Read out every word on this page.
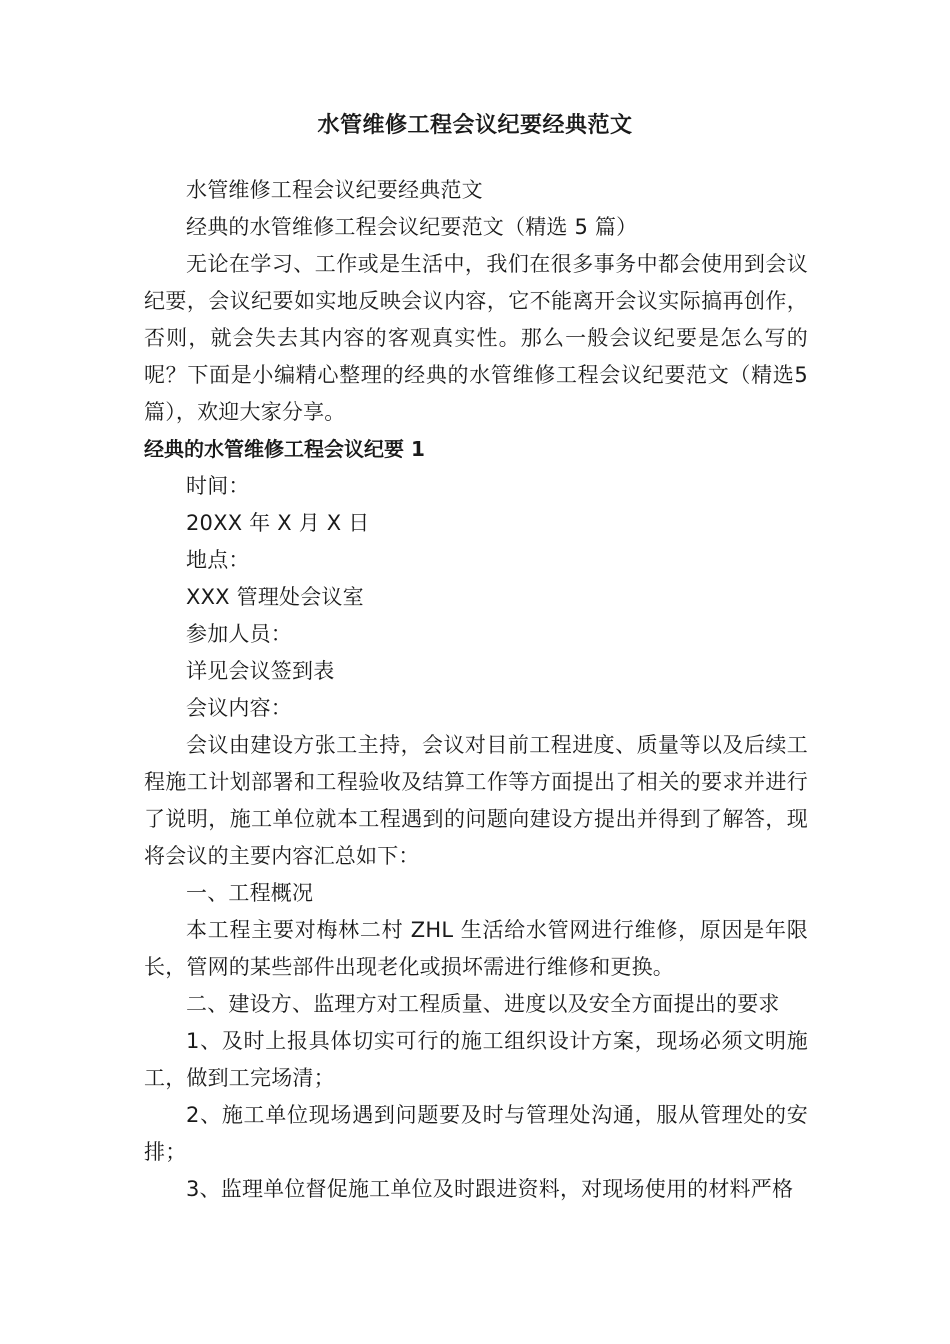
水管维修工程会议纪要经典范文

水管维修工程会议纪要经典范文

经典的水管维修工程会议纪要范文（精选 5 篇）

无论在学习、工作或是生活中，我们在很多事务中都会使用到会议纪要，会议纪要如实地反映会议内容，它不能离开会议实际搞再创作，否则，就会失去其内容的客观真实性。那么一般会议纪要是怎么写的呢？下面是小编精心整理的经典的水管维修工程会议纪要范文（精选5 篇），欢迎大家分享。

经典的水管维修工程会议纪要 1

时间：

20XX 年 X 月 X 日

地点：

XXX 管理处会议室

参加人员：

详见会议签到表

会议内容：

会议由建设方张工主持，会议对目前工程进度、质量等以及后续工程施工计划部署和工程验收及结算工作等方面提出了相关的要求并进行了说明，施工单位就本工程遇到的问题向建设方提出并得到了解答，现将会议的主要内容汇总如下：

一、工程概况

本工程主要对梅林二村 ZHL 生活给水管网进行维修，原因是年限长，管网的某些部件出现老化或损坏需进行维修和更换。

二、建设方、监理方对工程质量、进度以及安全方面提出的要求

1、及时上报具体切实可行的施工组织设计方案，现场必须文明施工，做到工完场清；

2、施工单位现场遇到问题要及时与管理处沟通，服从管理处的安排；

3、监理单位督促施工单位及时跟进资料，对现场使用的材料严格
